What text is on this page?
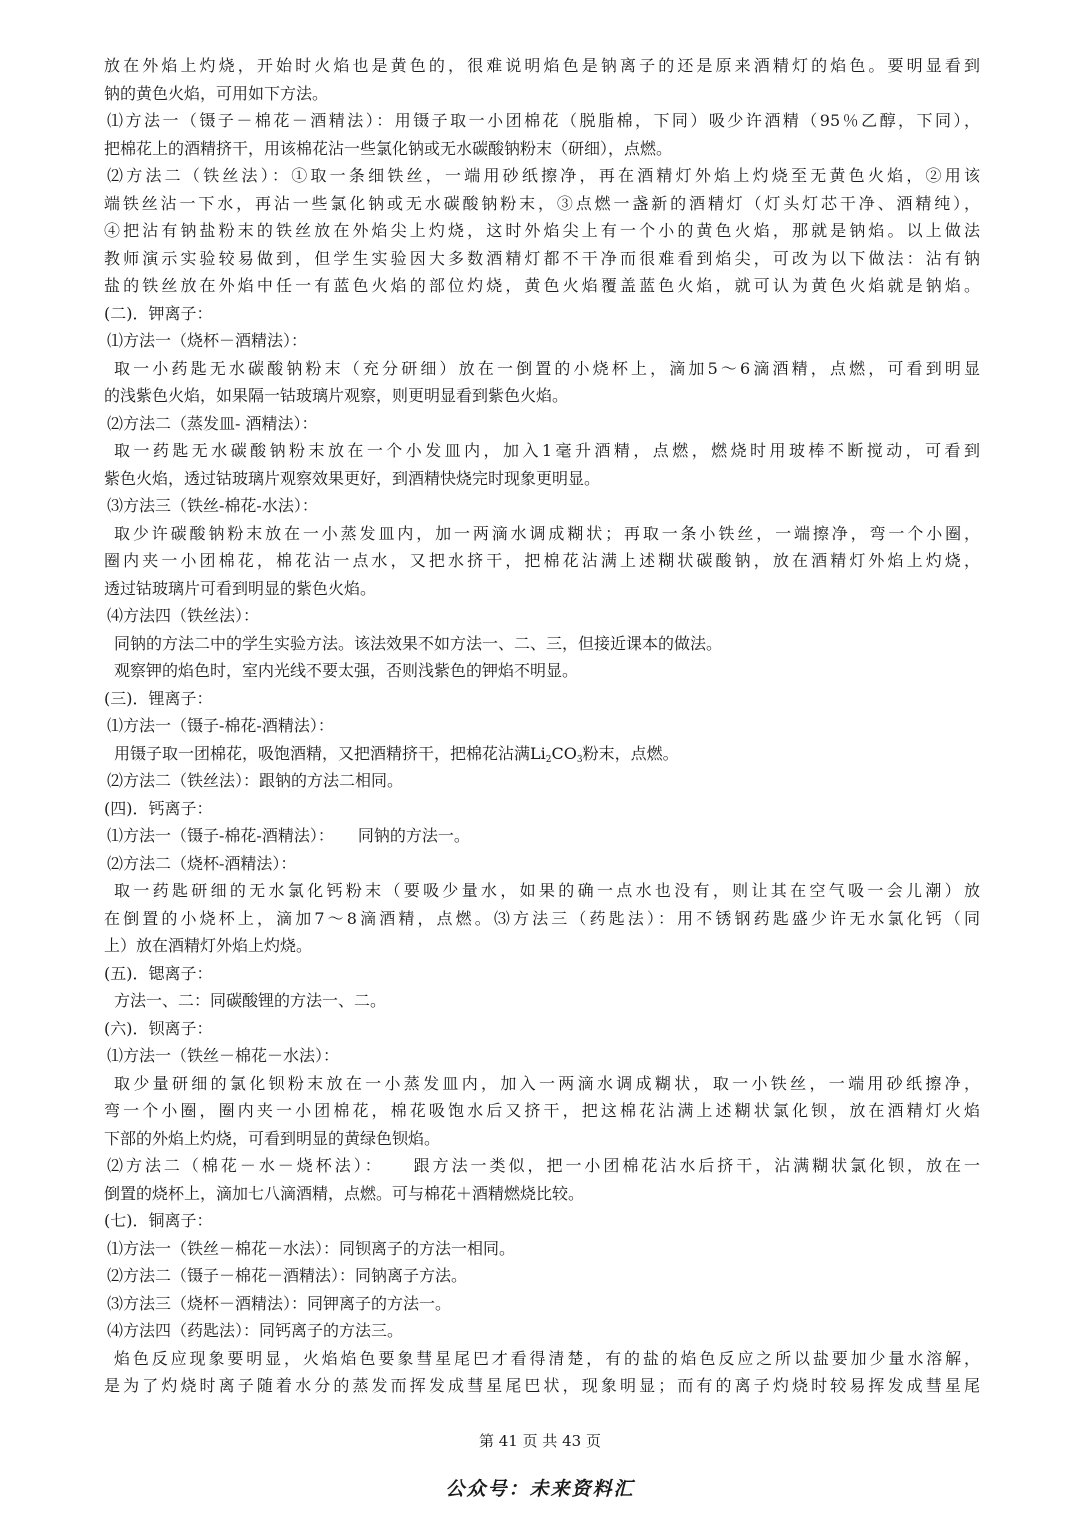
放在外焰上灼烧，开始时火焰也是黄色的，很难说明焰色是钠离子的还是原来酒精灯的焰色。要明显看到
钠的黄色火焰，可用如下方法。
⑴方法一（镊子－棉花－酒精法）：用镊子取一小团棉花（脱脂棉，下同）吸少许酒精（95％乙醇，下同），
把棉花上的酒精挤干，用该棉花沾一些氯化钠或无水碳酸钠粉末（研细），点燃。
⑵方法二（铁丝法）：①取一条细铁丝，一端用砂纸擦净，再在酒精灯外焰上灼烧至无黄色火焰，②用该
端铁丝沾一下水，再沾一些氯化钠或无水碳酸钠粉末，③点燃一盏新的酒精灯（灯头灯芯干净、酒精纯），
④把沾有钠盐粉末的铁丝放在外焰尖上灼烧，这时外焰尖上有一个小的黄色火焰，那就是钠焰。以上做法
教师演示实验较易做到，但学生实验因大多数酒精灯都不干净而很难看到焰尖，可改为以下做法：沾有钠
盐的铁丝放在外焰中任一有蓝色火焰的部位灼烧，黄色火焰覆盖蓝色火焰，就可认为黄色火焰就是钠焰。
(二)．钾离子：
⑴方法一（烧杯－酒精法）：
取一小药匙无水碳酸钠粉末（充分研细）放在一倒置的小烧杯上，滴加5～6滴酒精，点燃，可看到明显
的浅紫色火焰，如果隔一钴玻璃片观察，则更明显看到紫色火焰。
⑵方法二（蒸发皿- 酒精法）：
取一药匙无水碳酸钠粉末放在一个小发皿内，加入1毫升酒精，点燃，燃烧时用玻棒不断搅动，可看到
紫色火焰，透过钴玻璃片观察效果更好，到酒精快烧完时现象更明显。
⑶方法三（铁丝-棉花-水法）：
取少许碳酸钠粉末放在一小蒸发皿内，加一两滴水调成糊状；再取一条小铁丝，一端擦净，弯一个小圈，
圈内夹一小团棉花，棉花沾一点水，又把水挤干，把棉花沾满上述糊状碳酸钠，放在酒精灯外焰上灼烧，
透过钴玻璃片可看到明显的紫色火焰。
⑷方法四（铁丝法）：
同钠的方法二中的学生实验方法。该法效果不如方法一、二、三，但接近课本的做法。
观察钾的焰色时，室内光线不要太强，否则浅紫色的钾焰不明显。
(三)．锂离子：
⑴方法一（镊子-棉花-酒精法）：
用镊子取一团棉花，吸饱酒精，又把酒精挤干，把棉花沾满$Li_2CO_3$粉末，点燃。
⑵方法二（铁丝法）：跟钠的方法二相同。
(四)．钙离子：
⑴方法一（镊子-棉花-酒精法）：　　同钠的方法一。
⑵方法二（烧杯-酒精法）：
取一药匙研细的无水氯化钙粉末（要吸少量水，如果的确一点水也没有，则让其在空气吸一会儿潮）放
在倒置的小烧杯上，滴加7～8滴酒精，点燃。⑶方法三（药匙法）：用不锈钢药匙盛少许无水氯化钙（同
上）放在酒精灯外焰上灼烧。
(五)．锶离子：
方法一、二：同碳酸锂的方法一、二。
(六)．钡离子：
⑴方法一（铁丝－棉花－水法）：
取少量研细的氯化钡粉末放在一小蒸发皿内，加入一两滴水调成糊状，取一小铁丝，一端用砂纸擦净，
弯一个小圈，圈内夹一小团棉花，棉花吸饱水后又挤干，把这棉花沾满上述糊状氯化钡，放在酒精灯火焰
下部的外焰上灼烧，可看到明显的黄绿色钡焰。
⑵方法二（棉花－水－烧杯法）：　　跟方法一类似，把一小团棉花沾水后挤干，沾满糊状氯化钡，放在一
倒置的烧杯上，滴加七八滴酒精，点燃。可与棉花＋酒精燃烧比较。
(七)．铜离子：
⑴方法一（铁丝－棉花－水法）：同钡离子的方法一相同。
⑵方法二（镊子－棉花－酒精法）：同钠离子方法。
⑶方法三（烧杯－酒精法）：同钾离子的方法一。
⑷方法四（药匙法）：同钙离子的方法三。
焰色反应现象要明显，火焰焰色要象彗星尾巴才看得清楚，有的盐的焰色反应之所以盐要加少量水溶解，
是为了灼烧时离子随着水分的蒸发而挥发成彗星尾巴状，现象明显；而有的离子灼烧时较易挥发成彗星尾
第 41 页 共 43 页
公众号：未来资料汇
